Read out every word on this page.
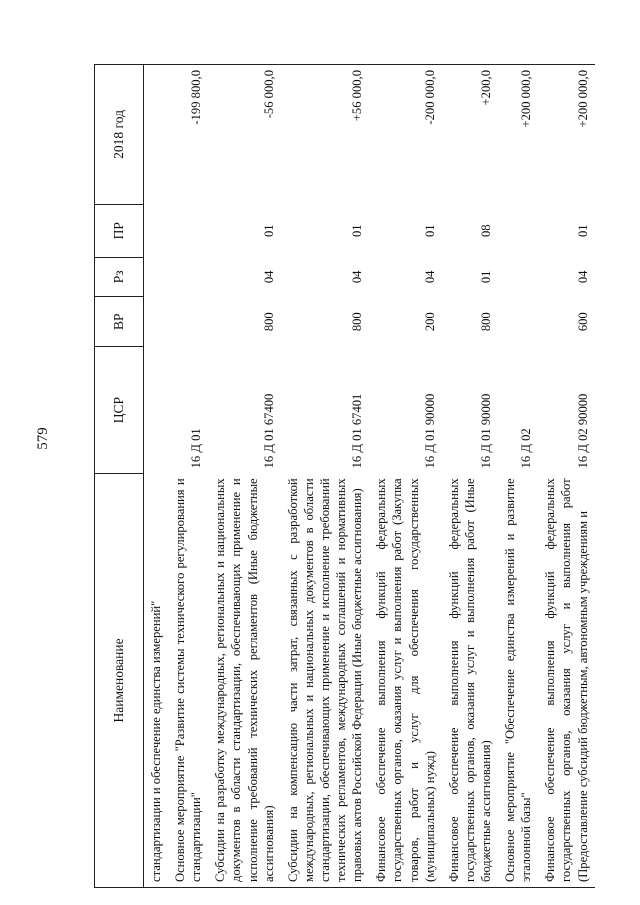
579
Наименование	ЦСР	ВР	Рз	ПР	2018 год
стандартизации и обеспечение единства измерений"					
Основное мероприятие "Развитие системы технического регулирования и стандартизации"	16 Д 01				-199 800,0
Субсидии на разработку международных, региональных и национальных документов в области стандартизации, обеспечивающих применение и исполнение требований технических регламентов (Иные бюджетные ассигнования)	16 Д 01 67400	800	04	01	-56 000,0
Субсидии на компенсацию части затрат, связанных с разработкой международных, региональных и национальных документов в области стандартизации, обеспечивающих применение и исполнение требований технических регламентов, международных соглашений и нормативных правовых актов Российской Федерации (Иные бюджетные ассигнования)	16 Д 01 67401	800	04	01	+56 000,0
Финансовое обеспечение выполнения функций федеральных государственных органов, оказания услуг и выполнения работ (Закупка товаров, работ и услуг для обеспечения государственных (муниципальных) нужд)	16 Д 01 90000	200	04	01	-200 000,0
Финансовое обеспечение выполнения функций федеральных государственных органов, оказания услуг и выполнения работ (Иные бюджетные ассигнования)	16 Д 01 90000	800	01	08	+200,0
Основное мероприятие "Обеспечение единства измерений и развитие эталонной базы"	16 Д 02				+200 000,0
Финансовое обеспечение выполнения функций федеральных государственных органов, оказания услуг и выполнения работ (Предоставление субсидий бюджетным, автономным учреждениям и	16 Д 02 90000	600	04	01	+200 000,0
